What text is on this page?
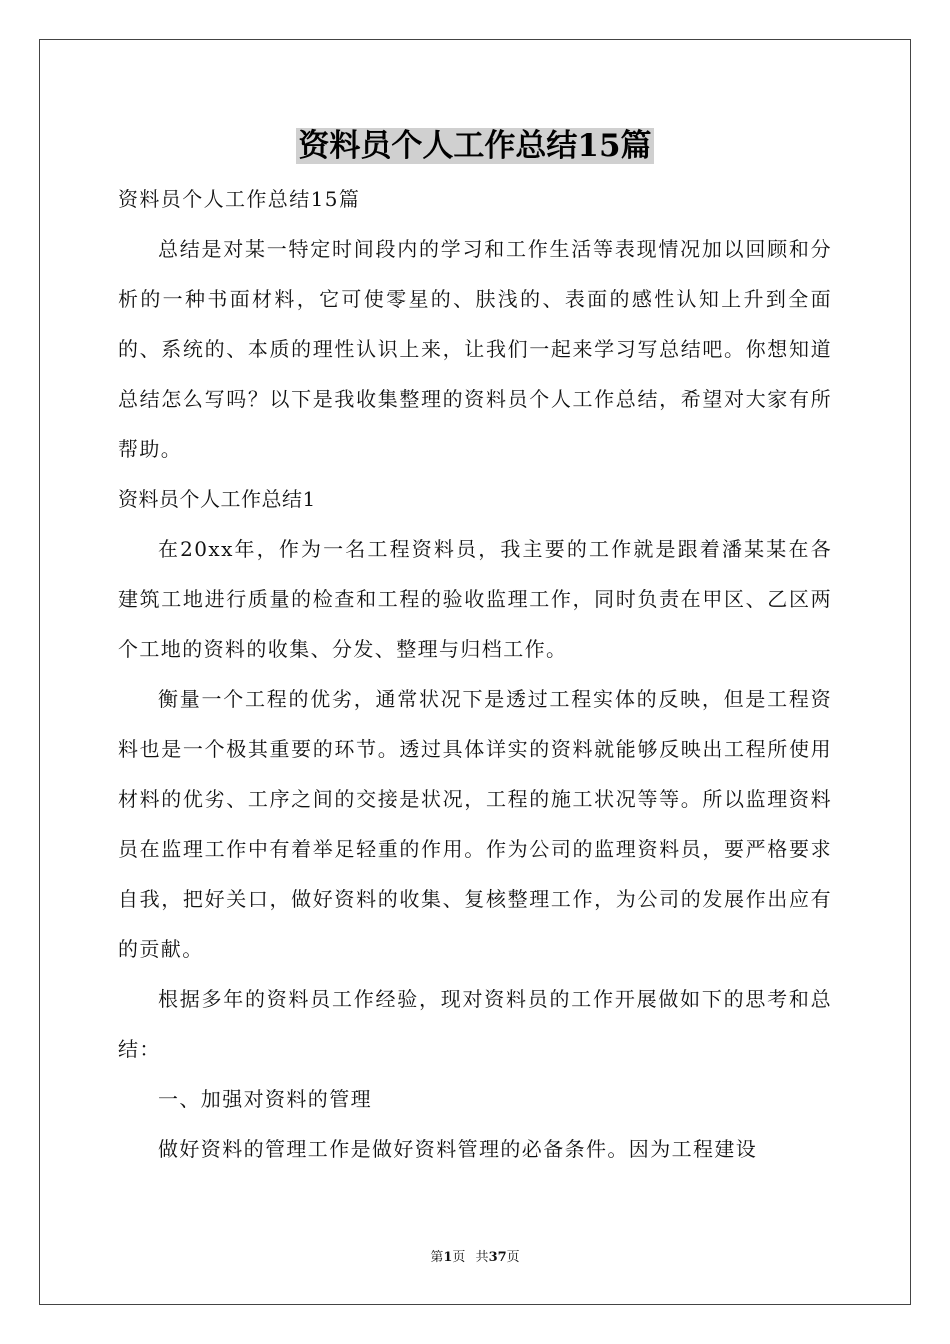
资料员个人工作总结15篇

资料员个人工作总结15篇

总结是对某一特定时间段内的学习和工作生活等表现情况加以回顾和分析的一种书面材料，它可使零星的、肤浅的、表面的感性认知上升到全面的、系统的、本质的理性认识上来，让我们一起来学习写总结吧。你想知道总结怎么写吗？以下是我收集整理的资料员个人工作总结，希望对大家有所帮助。

资料员个人工作总结1

在20xx年，作为一名工程资料员，我主要的工作就是跟着潘某某在各建筑工地进行质量的检查和工程的验收监理工作，同时负责在甲区、乙区两个工地的资料的收集、分发、整理与归档工作。

衡量一个工程的优劣，通常状况下是透过工程实体的反映，但是工程资料也是一个极其重要的环节。透过具体详实的资料就能够反映出工程所使用材料的优劣、工序之间的交接是状况，工程的施工状况等等。所以监理资料员在监理工作中有着举足轻重的作用。作为公司的监理资料员，要严格要求自我，把好关口，做好资料的收集、复核整理工作，为公司的发展作出应有的贡献。

根据多年的资料员工作经验，现对资料员的工作开展做如下的思考和总结：

一、加强对资料的管理

做好资料的管理工作是做好资料管理的必备条件。因为工程建设

第1页 共37页
